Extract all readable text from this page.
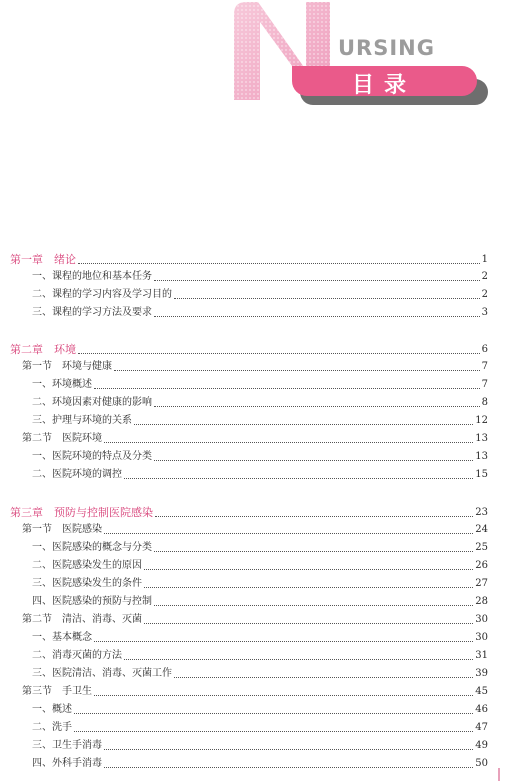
URSING
目录
第一章　绪论	1
一、课程的地位和基本任务	2
二、课程的学习内容及学习目的	2
三、课程的学习方法及要求	3
第二章　环境	6
第一节　环境与健康	7
一、环境概述	7
二、环境因素对健康的影响	8
三、护理与环境的关系	12
第二节　医院环境	13
一、医院环境的特点及分类	13
二、医院环境的调控	15
第三章　预防与控制医院感染	23
第一节　医院感染	24
一、医院感染的概念与分类	25
二、医院感染发生的原因	26
三、医院感染发生的条件	27
四、医院感染的预防与控制	28
第二节　清洁、消毒、灭菌	30
一、基本概念	30
二、消毒灭菌的方法	31
三、医院清洁、消毒、灭菌工作	39
第三节　手卫生	45
一、概述	46
二、洗手	47
三、卫生手消毒	49
四、外科手消毒	50
